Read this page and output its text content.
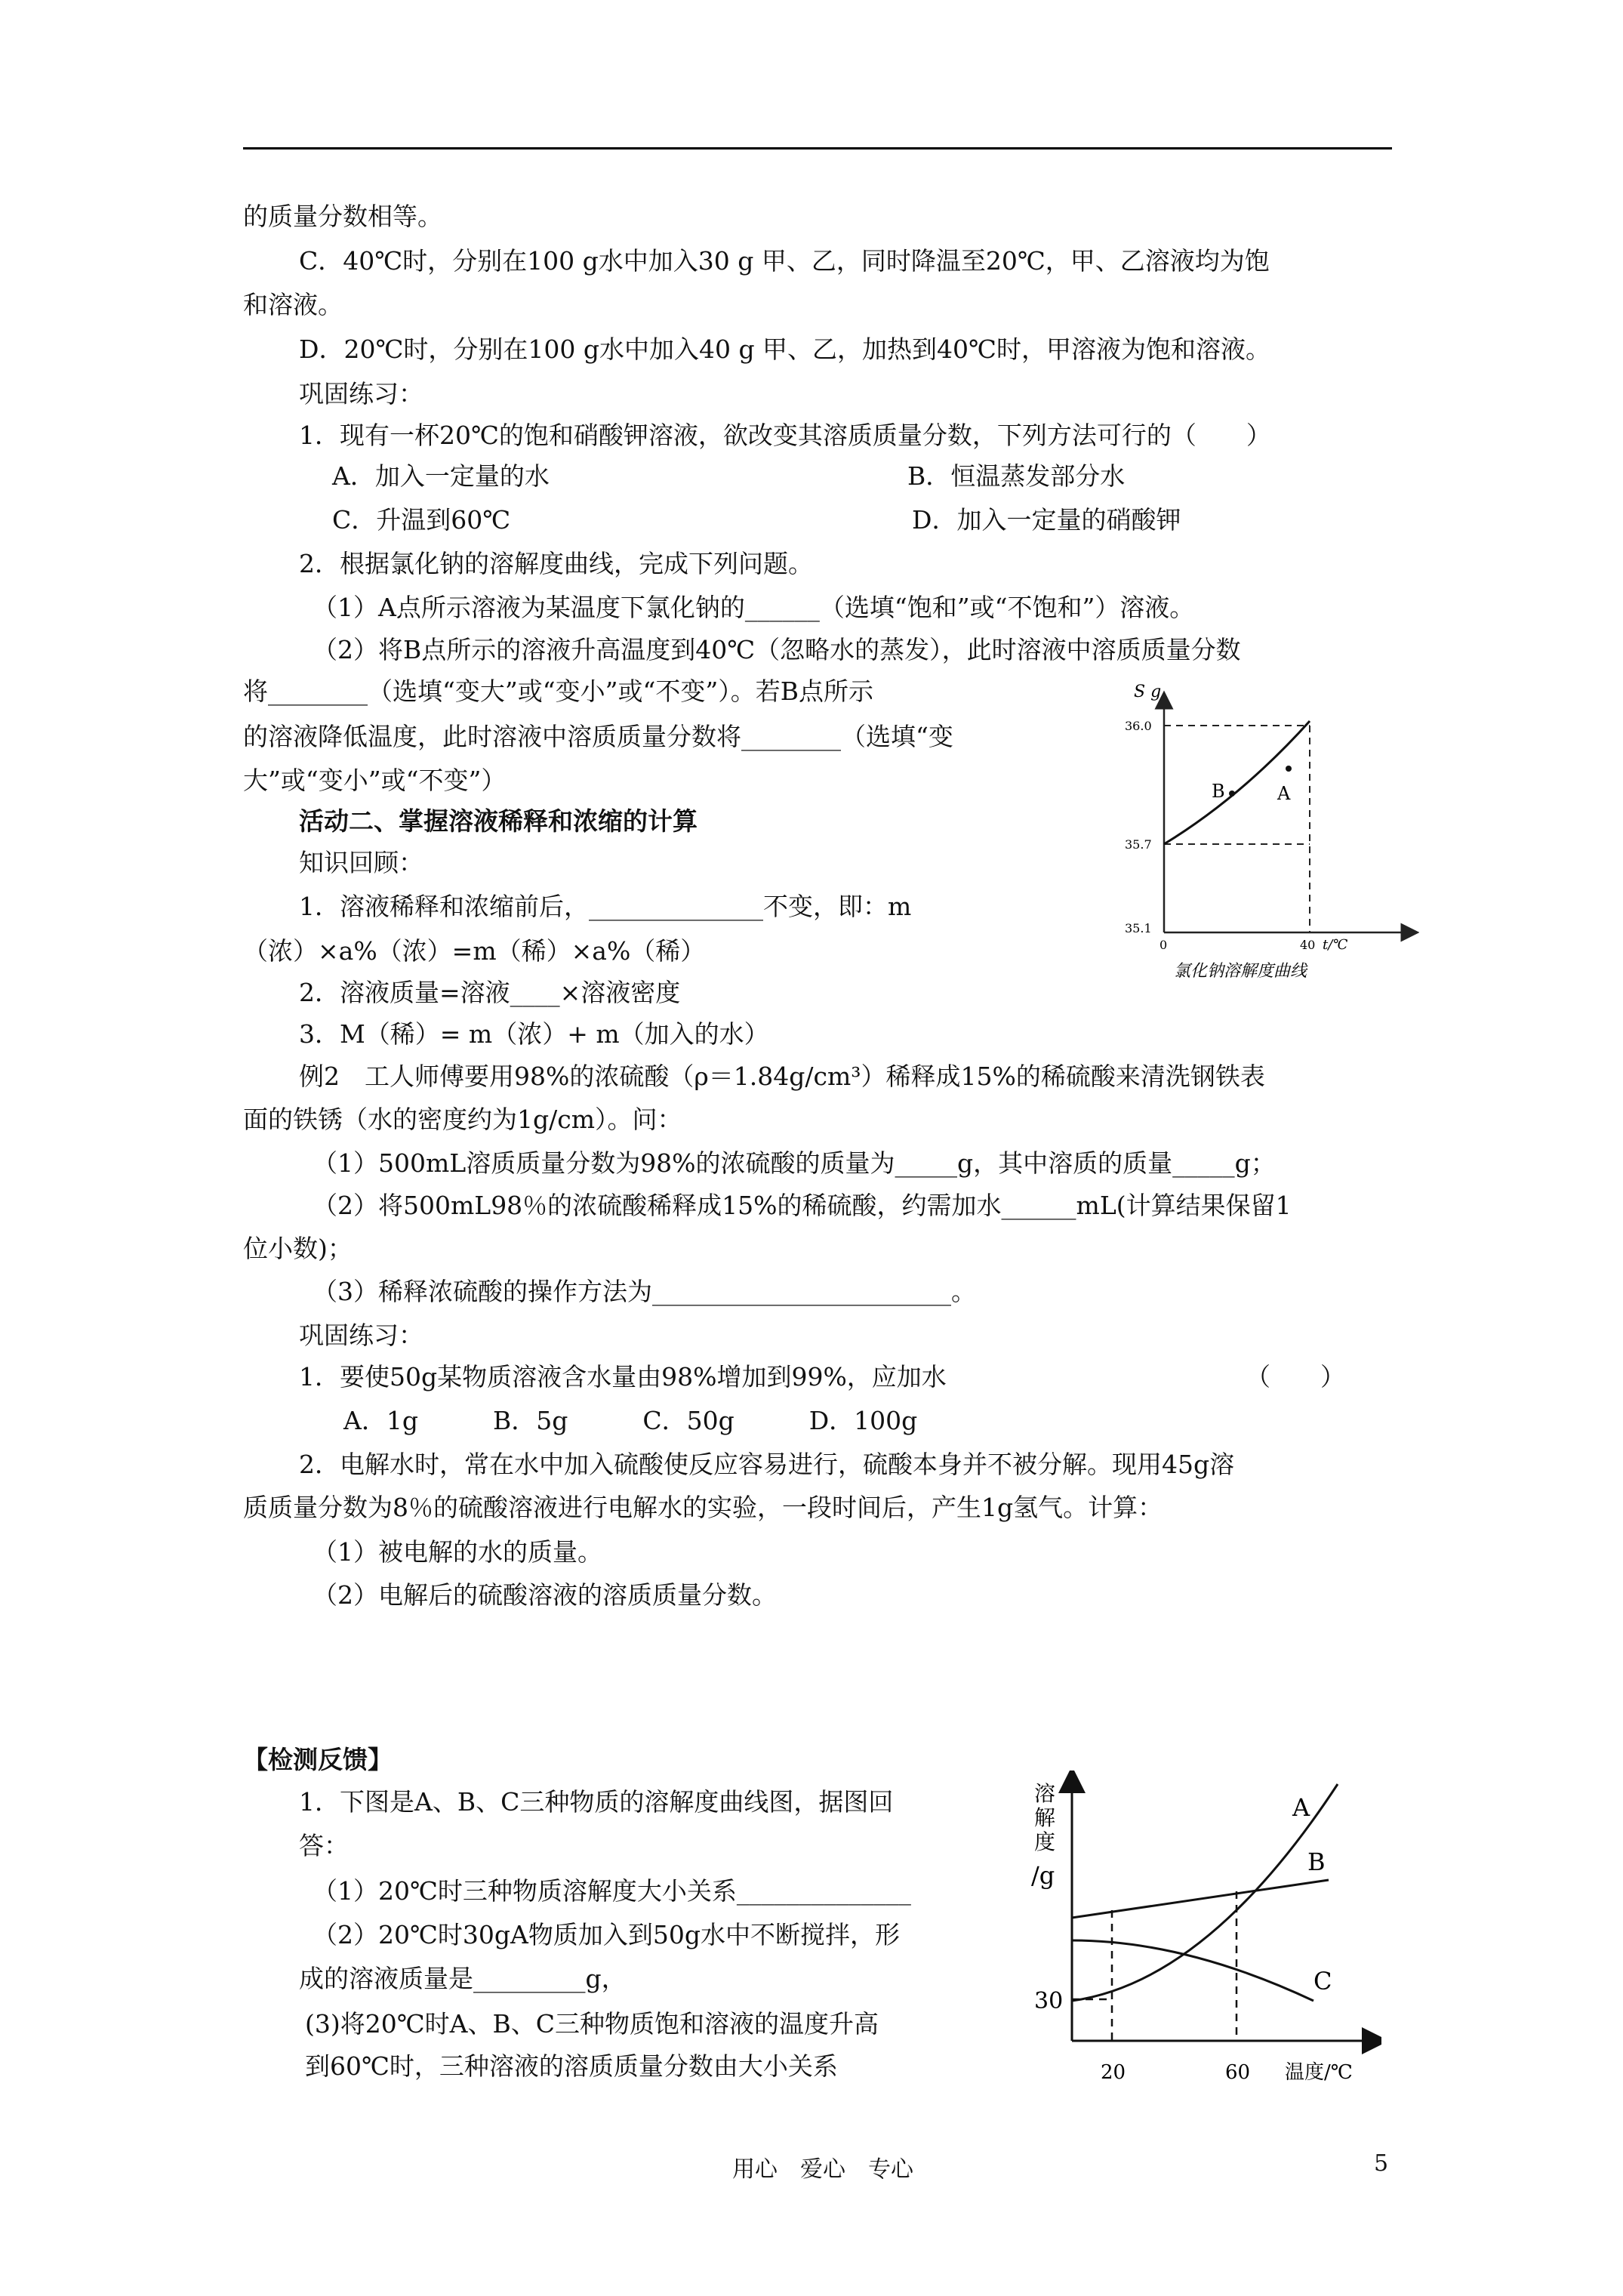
的质量分数相等。
C．40℃时，分别在100 g水中加入30 g 甲、乙，同时降温至20℃，甲、乙溶液均为饱
和溶液。
D．20℃时，分别在100 g水中加入40 g 甲、乙，加热到40℃时，甲溶液为饱和溶液。
巩固练习：
1．现有一杯20℃的饱和硝酸钾溶液，欲改变其溶质质量分数，下列方法可行的（　　）
A．加入一定量的水	B．恒温蒸发部分水
C．升温到60℃	D．加入一定量的硝酸钾
2．根据氯化钠的溶解度曲线，完成下列问题。
（1）A点所示溶液为某温度下氯化钠的______（选填“饱和”或“不饱和”）溶液。
（2）将B点所示的溶液升高温度到40℃（忽略水的蒸发），此时溶液中溶质质量分数
将________（选填“变大”或“变小”或“不变”）。若B点所示
的溶液降低温度，此时溶液中溶质质量分数将________（选填“变
大”或“变小”或“不变”）
活动二、掌握溶液稀释和浓缩的计算
知识回顾：
1．溶液稀释和浓缩前后，______________不变，即：m
（浓）×a%（浓）=m（稀）×a%（稀）
2．溶液质量=溶液____×溶液密度
3．M（稀）= m（浓）+ m（加入的水）
例2　工人师傅要用98%的浓硫酸（ρ＝1.84g/cm³）稀释成15%的稀硫酸来清洗钢铁表
面的铁锈（水的密度约为1g/cm）。问：
（1）500mL溶质质量分数为98%的浓硫酸的质量为_____g，其中溶质的质量_____g；
（2）将500mL98％的浓硫酸稀释成15%的稀硫酸，约需加水______mL(计算结果保留1
位小数)；
（3）稀释浓硫酸的操作方法为________________________。
巩固练习：
1．要使50g某物质溶液含水量由98%增加到99%，应加水	（　　）
A．1g　　　B．5g　　　C．50g　　　D．100g
2．电解水时，常在水中加入硫酸使反应容易进行，硫酸本身并不被分解。现用45g溶
质质量分数为8％的硫酸溶液进行电解水的实验，一段时间后，产生1g氢气。计算：
（1）被电解的水的质量。
（2）电解后的硫酸溶液的溶质质量分数。
【检测反馈】
1．下图是A、B、C三种物质的溶解度曲线图，据图回
答：
（1）20℃时三种物质溶解度大小关系______________
（2）20℃时30gA物质加入到50g水中不断搅拌，形
成的溶液质量是_________g，
(3)将20℃时A、B、C三种物质饱和溶液的温度升高
到60℃时，三种溶液的溶质质量分数由大小关系
S g
36.0
35.7
35.1
0	40 t/℃
B	A
氯化钠溶解度曲线
溶
解
度
/g
30
20	60 温度/℃
A
B
C
用心　爱心　专心	5
